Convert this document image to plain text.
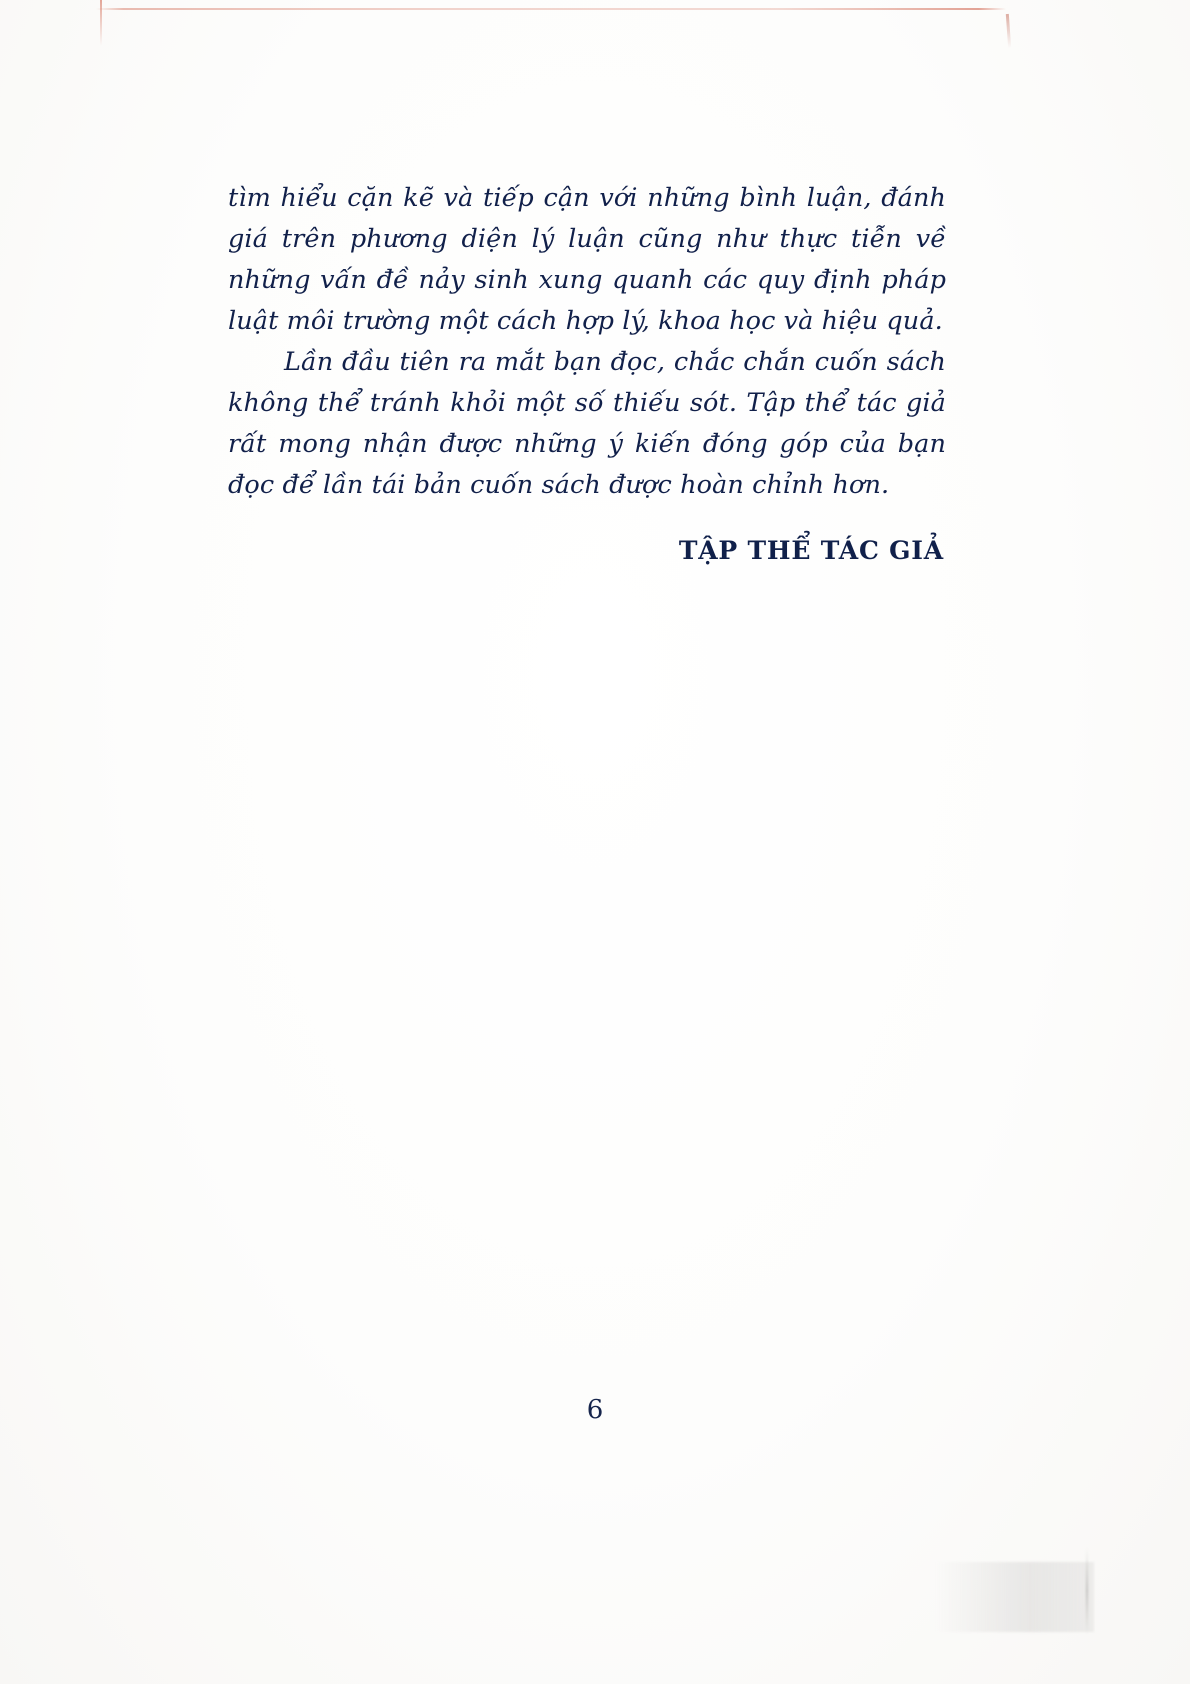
tìm hiểu cặn kẽ và tiếp cận với những bình luận, đánh giá trên phương diện lý luận cũng như thực tiễn về những vấn đề nảy sinh xung quanh các quy định pháp luật môi trường một cách hợp lý, khoa học và hiệu quả.

Lần đầu tiên ra mắt bạn đọc, chắc chắn cuốn sách không thể tránh khỏi một số thiếu sót. Tập thể tác giả rất mong nhận được những ý kiến đóng góp của bạn đọc để lần tái bản cuốn sách được hoàn chỉnh hơn.

TẬP THỂ TÁC GIẢ
6
